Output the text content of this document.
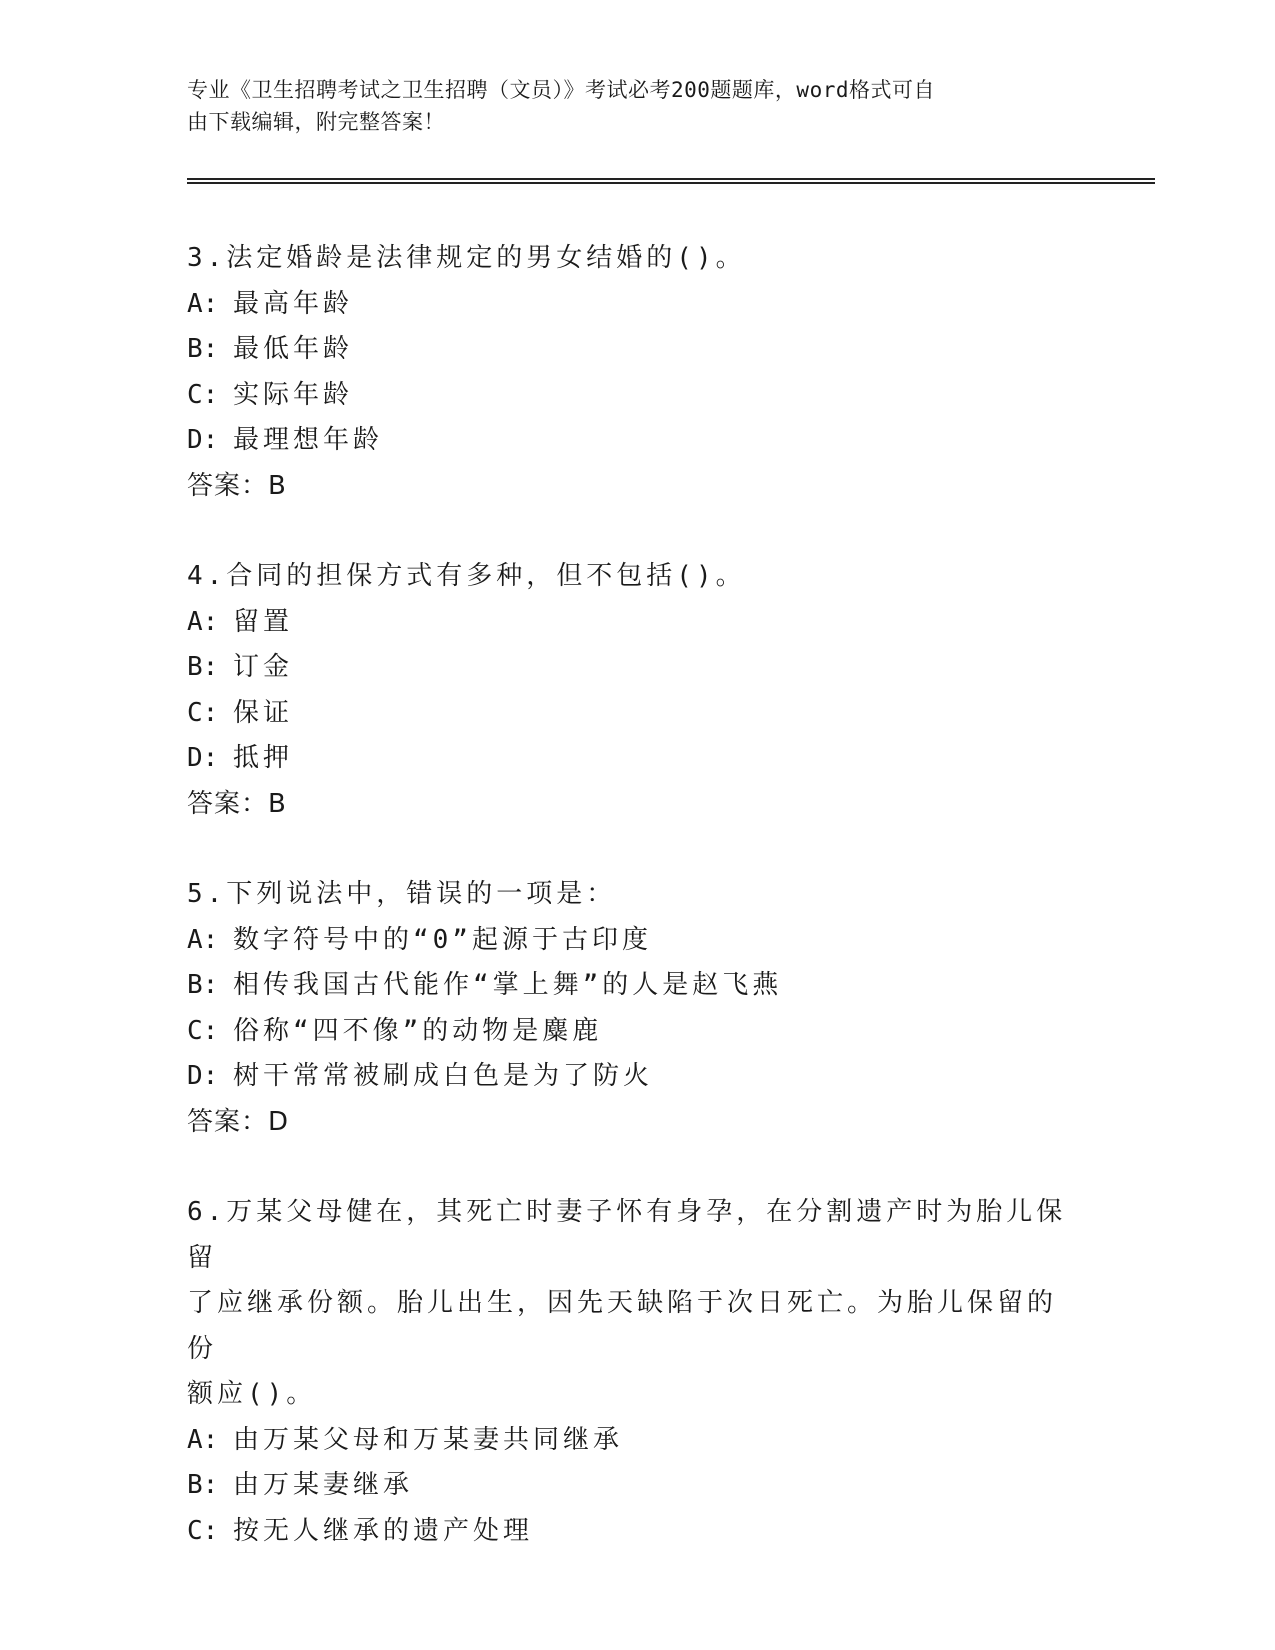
专业《卫生招聘考试之卫生招聘（文员）》考试必考200题题库，word格式可自
由下载编辑，附完整答案！
3.法定婚龄是法律规定的男女结婚的()。
A: 最高年龄
B: 最低年龄
C: 实际年龄
D: 最理想年龄
答案：B
4.合同的担保方式有多种，但不包括()。
A: 留置
B: 订金
C: 保证
D: 抵押
答案：B
5.下列说法中，错误的一项是：
A: 数字符号中的“0”起源于古印度
B: 相传我国古代能作“掌上舞”的人是赵飞燕
C: 俗称“四不像”的动物是麋鹿
D: 树干常常被刷成白色是为了防火
答案：D
6.万某父母健在，其死亡时妻子怀有身孕，在分割遗产时为胎儿保留
了应继承份额。胎儿出生，因先天缺陷于次日死亡。为胎儿保留的份
额应()。
A: 由万某父母和万某妻共同继承
B: 由万某妻继承
C: 按无人继承的遗产处理
